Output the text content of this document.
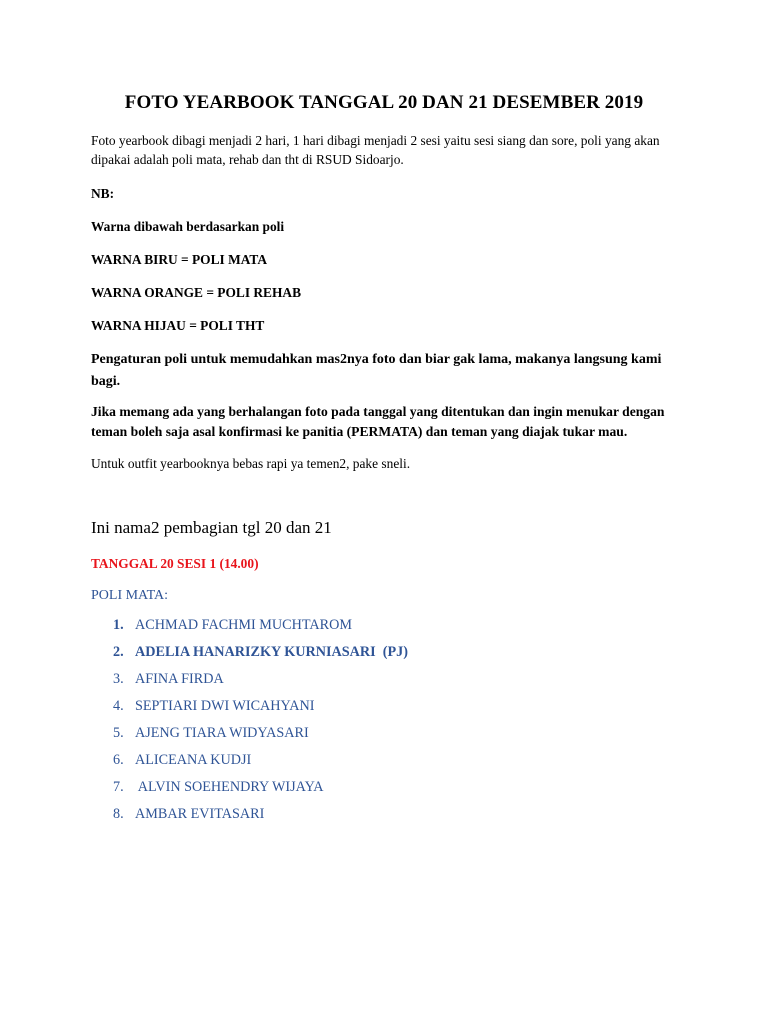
FOTO YEARBOOK TANGGAL 20 DAN 21 DESEMBER 2019
Foto yearbook dibagi menjadi 2 hari, 1 hari dibagi menjadi 2 sesi yaitu sesi siang dan sore, poli yang akan dipakai adalah poli mata, rehab dan tht di RSUD Sidoarjo.
NB:
Warna dibawah berdasarkan poli
WARNA BIRU = POLI MATA
WARNA ORANGE = POLI REHAB
WARNA HIJAU = POLI THT
Pengaturan poli untuk memudahkan mas2nya foto dan biar gak lama, makanya langsung kami bagi.
Jika memang ada yang berhalangan foto pada tanggal yang ditentukan dan ingin menukar dengan teman boleh saja asal konfirmasi ke panitia (PERMATA) dan teman yang diajak tukar mau.
Untuk outfit yearbooknya bebas rapi ya temen2, pake sneli.
Ini nama2 pembagian tgl 20 dan 21
TANGGAL 20 SESI 1 (14.00)
POLI MATA:
1. ACHMAD FACHMI MUCHTAROM
2. ADELIA HANARIZKY KURNIASARI  (PJ)
3. AFINA FIRDA
4. SEPTIARI DWI WICAHYANI
5. AJENG TIARA WIDYASARI
6. ALICEANA KUDJI
7. ALVIN SOEHENDRY WIJAYA
8. AMBAR EVITASARI
